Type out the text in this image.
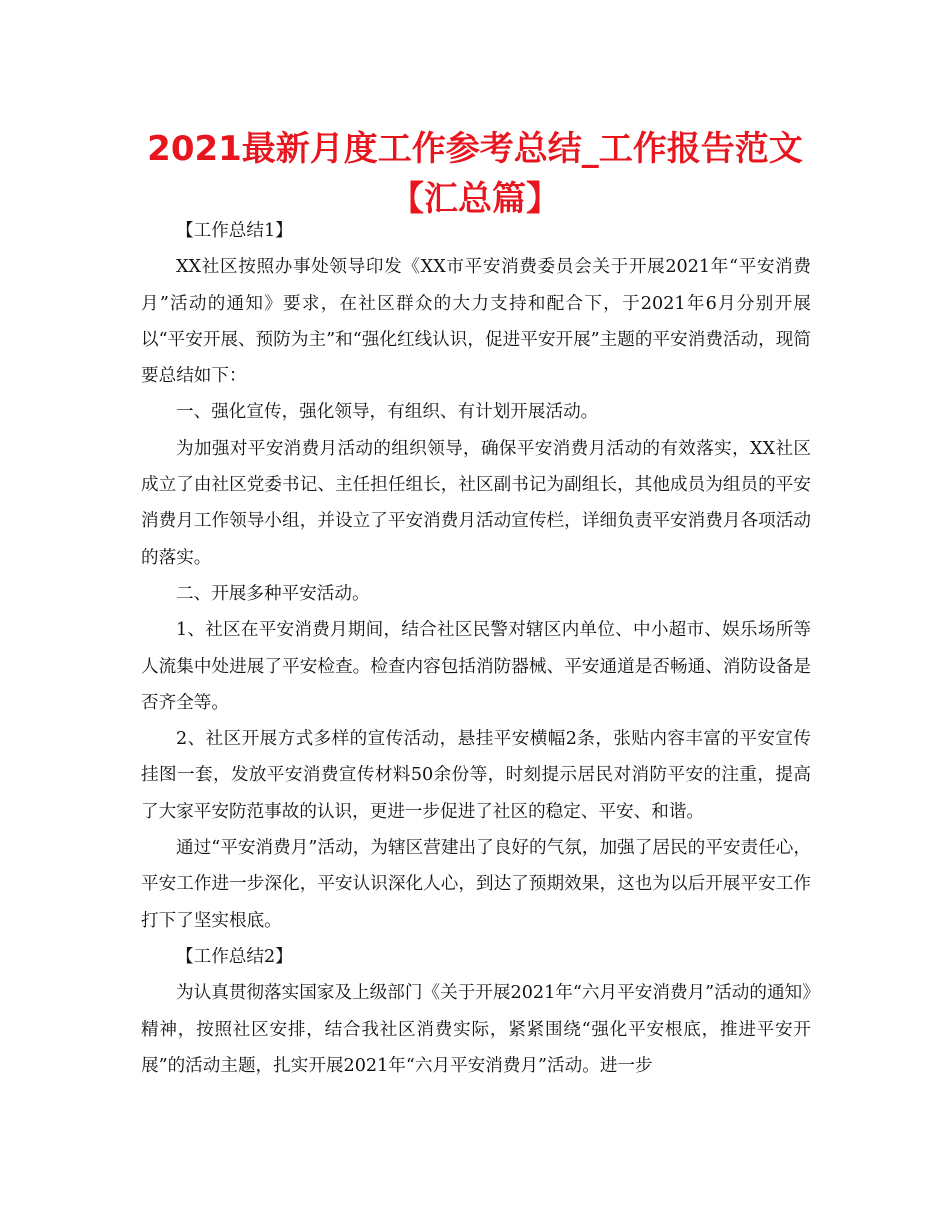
2021最新月度工作参考总结_工作报告范文【汇总篇】

【工作总结1】

XX社区按照办事处领导印发《XX市平安消费委员会关于开展2021年“平安消费月”活动的通知》要求，在社区群众的大力支持和配合下，于2021年6月分别开展以“平安开展、预防为主”和“强化红线认识，促进平安开展”主题的平安消费活动，现简要总结如下：

一、强化宣传，强化领导，有组织、有计划开展活动。

为加强对平安消费月活动的组织领导，确保平安消费月活动的有效落实，XX社区成立了由社区党委书记、主任担任组长，社区副书记为副组长，其他成员为组员的平安消费月工作领导小组，并设立了平安消费月活动宣传栏，详细负责平安消费月各项活动的落实。

二、开展多种平安活动。

1、社区在平安消费月期间，结合社区民警对辖区内单位、中小超市、娱乐场所等人流集中处进展了平安检查。检查内容包括消防器械、平安通道是否畅通、消防设备是否齐全等。

2、社区开展方式多样的宣传活动，悬挂平安横幅2条，张贴内容丰富的平安宣传挂图一套，发放平安消费宣传材料50余份等，时刻提示居民对消防平安的注重，提高了大家平安防范事故的认识，更进一步促进了社区的稳定、平安、和谐。

通过“平安消费月”活动，为辖区营建出了良好的气氛，加强了居民的平安责任心，平安工作进一步深化，平安认识深化人心，到达了预期效果，这也为以后开展平安工作打下了坚实根底。

【工作总结2】

为认真贯彻落实国家及上级部门《关于开展2021年“六月平安消费月”活动的通知》精神，按照社区安排，结合我社区消费实际，紧紧围绕“强化平安根底，推进平安开展”的活动主题，扎实开展2021年“六月平安消费月”活动。进一步
